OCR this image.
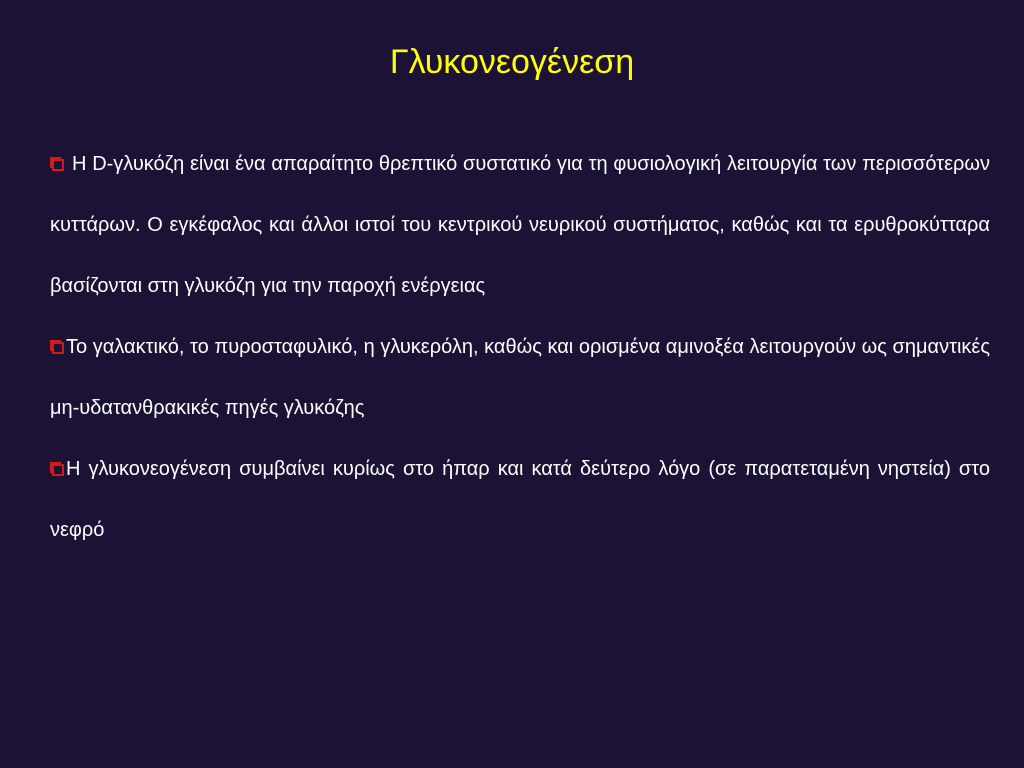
Γλυκονεογένεση

Η D-γλυκόζη είναι ένα απαραίτητο θρεπτικό συστατικό για τη φυσιολογική λειτουργία των περισσότερων κυττάρων. Ο εγκέφαλος και άλλοι ιστοί του κεντρικού νευρικού συστήματος, καθώς και τα ερυθροκύτταρα βασίζονται στη γλυκόζη για την παροχή ενέργειας

Το γαλακτικό, το πυροσταφυλικό, η γλυκερόλη, καθώς και ορισμένα αμινοξέα λειτουργούν ως σημαντικές μη-υδατανθρακικές πηγές γλυκόζης

Η γλυκονεογένεση συμβαίνει κυρίως στο ήπαρ και κατά δεύτερο λόγο (σε παρατεταμένη νηστεία) στο νεφρό
